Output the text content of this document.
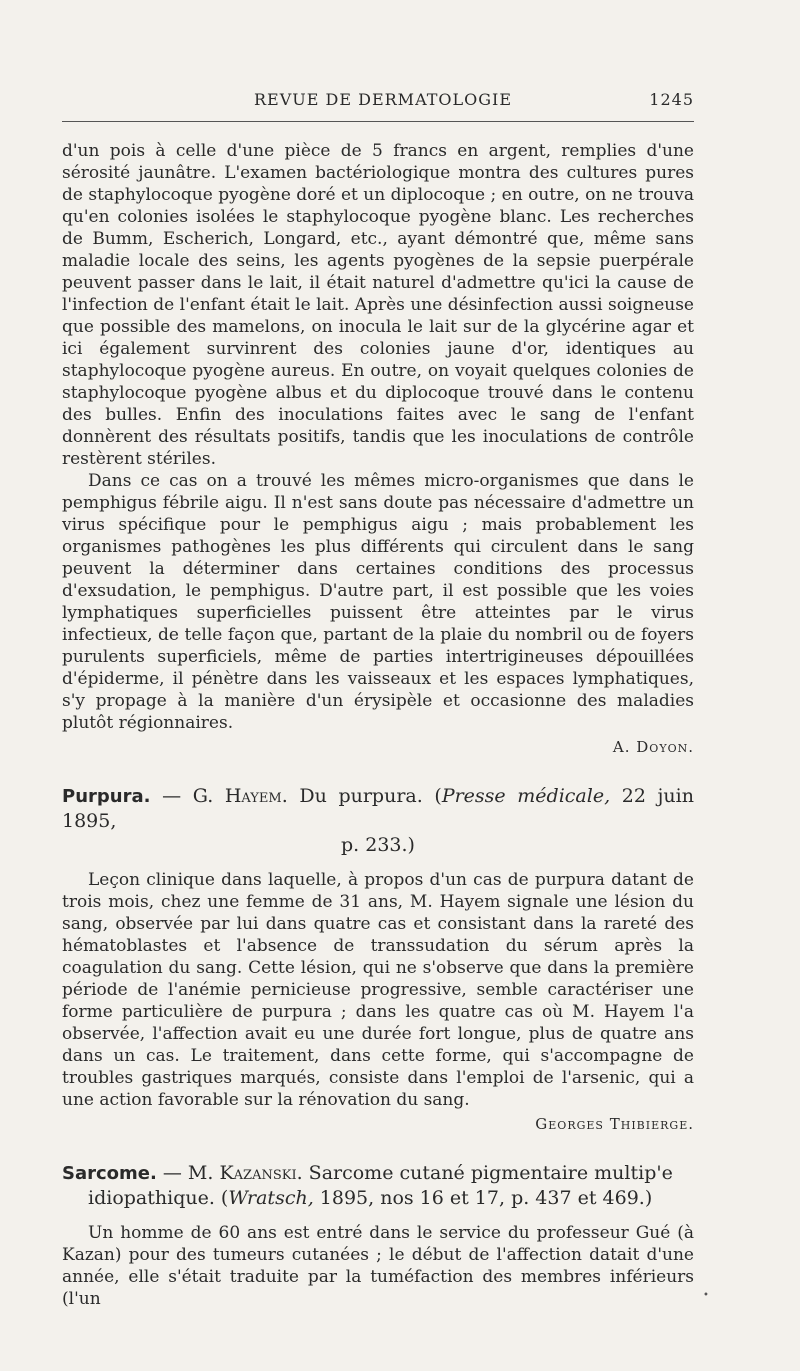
REVUE DE DERMATOLOGIE	1245

d'un pois à celle d'une pièce de 5 francs en argent, remplies d'une sérosité jaunâtre. L'examen bactériologique montra des cultures pures de staphylocoque pyogène doré et un diplocoque ; en outre, on ne trouva qu'en colonies isolées le staphylocoque pyogène blanc. Les recherches de Bumm, Escherich, Longard, etc., ayant démontré que, même sans maladie locale des seins, les agents pyogènes de la sepsie puerpérale peuvent passer dans le lait, il était naturel d'admettre qu'ici la cause de l'infection de l'enfant était le lait. Après une désinfection aussi soigneuse que possible des mamelons, on inocula le lait sur de la glycérine agar et ici également survinrent des colonies jaune d'or, identiques au staphylocoque pyogène aureus. En outre, on voyait quelques colonies de staphylocoque pyogène albus et du diplocoque trouvé dans le contenu des bulles. Enfin des inoculations faites avec le sang de l'enfant donnèrent des résultats positifs, tandis que les inoculations de contrôle restèrent stériles.

Dans ce cas on a trouvé les mêmes micro-organismes que dans le pemphigus fébrile aigu. Il n'est sans doute pas nécessaire d'admettre un virus spécifique pour le pemphigus aigu ; mais probablement les organismes pathogènes les plus différents qui circulent dans le sang peuvent la déterminer dans certaines conditions des processus d'exsudation, le pemphigus. D'autre part, il est possible que les voies lymphatiques superficielles puissent être atteintes par le virus infectieux, de telle façon que, partant de la plaie du nombril ou de foyers purulents superficiels, même de parties intertrigineuses dépouillées d'épiderme, il pénètre dans les vaisseaux et les espaces lymphatiques, s'y propage à la manière d'un érysipèle et occasionne des maladies plutôt régionnaires.

A. Doyon.
Purpura. — G. Hayem. Du purpura. (Presse médicale, 22 juin 1895,
p. 233.)

Leçon clinique dans laquelle, à propos d'un cas de purpura datant de trois mois, chez une femme de 31 ans, M. Hayem signale une lésion du sang, observée par lui dans quatre cas et consistant dans la rareté des hématoblastes et l'absence de transsudation du sérum après la coagulation du sang. Cette lésion, qui ne s'observe que dans la première période de l'anémie pernicieuse progressive, semble caractériser une forme particulière de purpura ; dans les quatre cas où M. Hayem l'a observée, l'affection avait eu une durée fort longue, plus de quatre ans dans un cas. Le traitement, dans cette forme, qui s'accompagne de troubles gastriques marqués, consiste dans l'emploi de l'arsenic, qui a une action favorable sur la rénovation du sang.

Georges Thibierge.
Sarcome. — M. Kazanski. Sarcome cutané pigmentaire multip'e
idiopathique. (Wratsch, 1895, nos 16 et 17, p. 437 et 469.)

Un homme de 60 ans est entré dans le service du professeur Gué (à Kazan) pour des tumeurs cutanées ; le début de l'affection datait d'une année, elle s'était traduite par la tuméfaction des membres inférieurs (l'un	•
